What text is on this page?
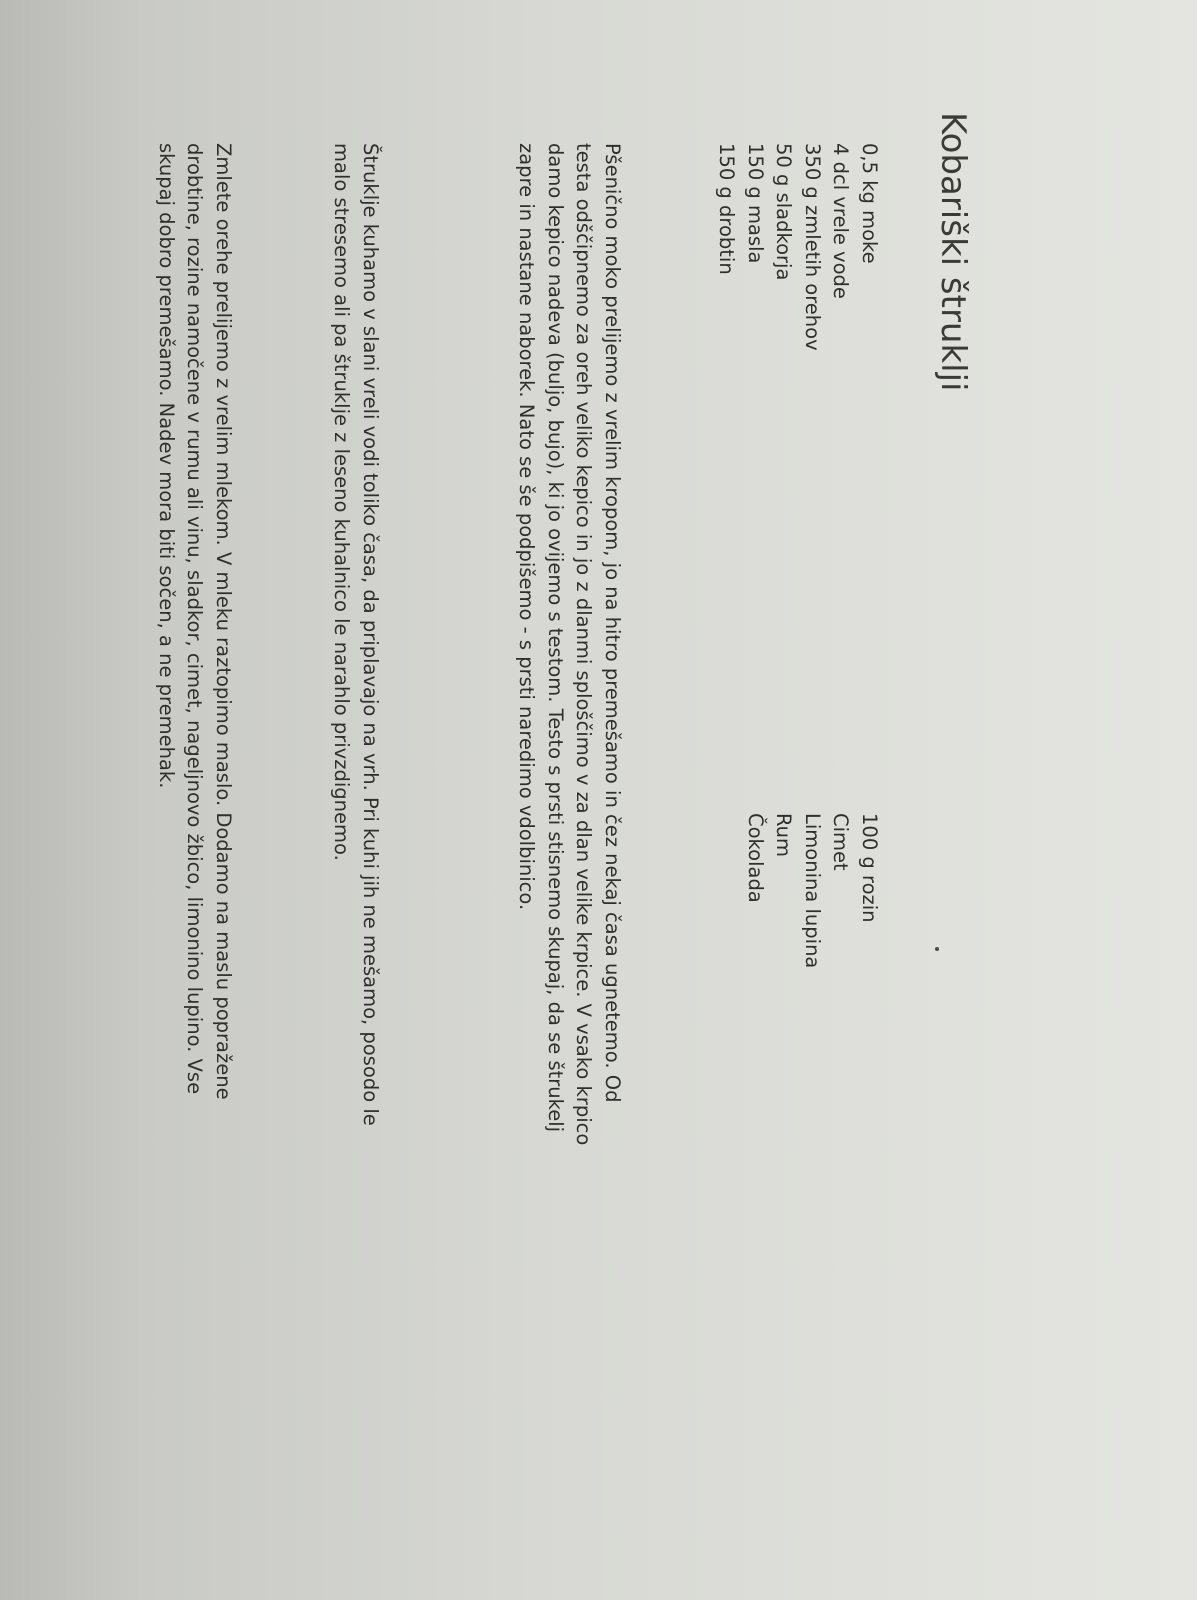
Kobariški štruklji
0,5 kg moke
4 dcl vrele vode
350 g zmletih orehov
50 g sladkorja
150 g masla
150 g drobtin
100 g rozin
Cimet
Limonina lupina
Rum
Čokolada

Pšenično moko prelijemo z vrelim kropom, jo na hitro premešamo in čez nekaj časa ugnetemo. Od
testa odščipnemo za oreh veliko kepico in jo z dlanmi sploščimo v za dlan velike krpice. V vsako krpico
damo kepico nadeva (buljo, bujo), ki jo ovijemo s testom. Testo s prsti stisnemo skupaj, da se štrukelj
zapre in nastane naborek. Nato se še podpišemo - s prsti naredimo vdolbinico.

Štruklje kuhamo v slani vreli vodi toliko časa, da priplavajo na vrh. Pri kuhi jih ne mešamo, posodo le
malo stresemo ali pa štruklje z leseno kuhalnico le narahlo privzdignemo.

Zmlete orehe prelijemo z vrelim mlekom. V mleku raztopimo maslo. Dodamo na maslu popražene
drobtine, rozine namočene v rumu ali vinu, sladkor, cimet, nageljnovo žbico, limonino lupino. Vse
skupaj dobro premešamo. Nadev mora biti sočen, a ne premehak.
